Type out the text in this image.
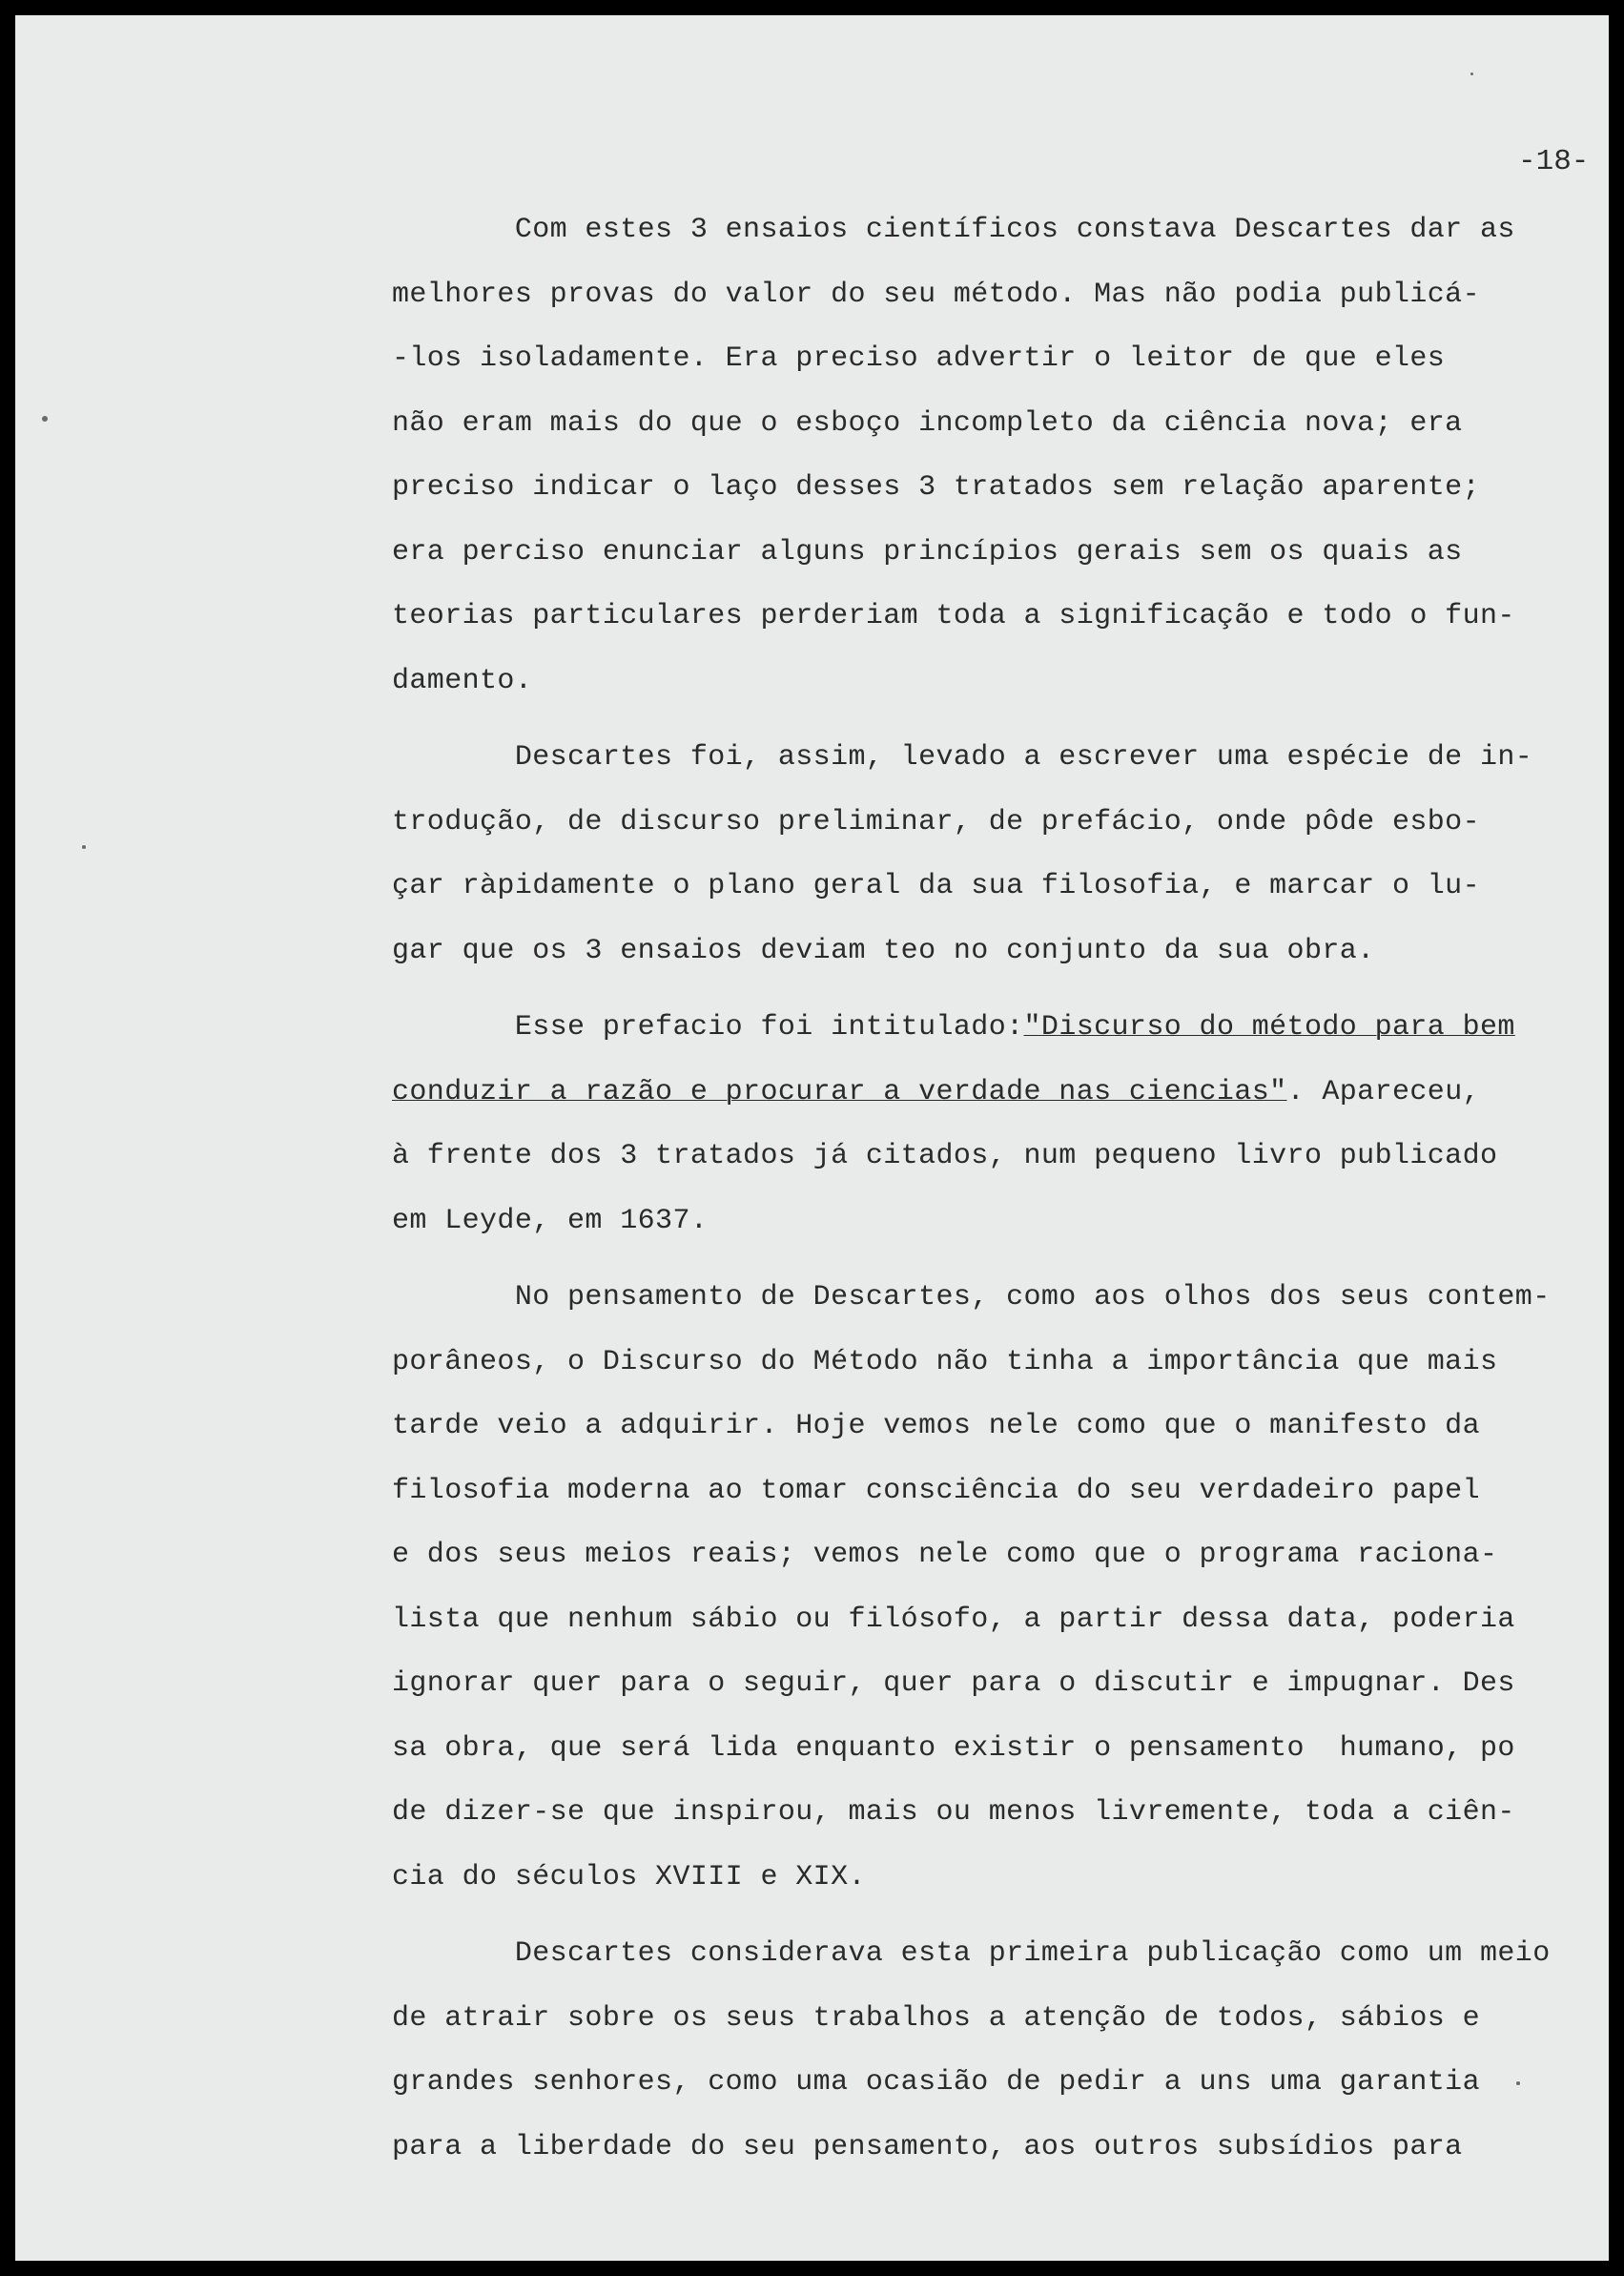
-18-
Com estes 3 ensaios científicos constava Descartes dar as
melhores provas do valor do seu método. Mas não podia publicá-
-los isoladamente. Era preciso advertir o leitor de que eles
não eram mais do que o esboço incompleto da ciência nova; era
preciso indicar o laço desses 3 tratados sem relação aparente;
era perciso enunciar alguns princípios gerais sem os quais as
teorias particulares perderiam toda a significação e todo o fun-
damento.
Descartes foi, assim, levado a escrever uma espécie de in-
trodução, de discurso preliminar, de prefácio, onde pôde esbo-
çar ràpidamente o plano geral da sua filosofia, e marcar o lu-
gar que os 3 ensaios deviam teo no conjunto da sua obra.
Esse prefacio foi intitulado:"Discurso do método para bem
conduzir a razão e procurar a verdade nas ciencias". Apareceu,
à frente dos 3 tratados já citados, num pequeno livro publicado
em Leyde, em 1637.
No pensamento de Descartes, como aos olhos dos seus contem-
porâneos, o Discurso do Método não tinha a importância que mais
tarde veio a adquirir. Hoje vemos nele como que o manifesto da
filosofia moderna ao tomar consciência do seu verdadeiro papel
e dos seus meios reais; vemos nele como que o programa raciona-
lista que nenhum sábio ou filósofo, a partir dessa data, poderia
ignorar quer para o seguir, quer para o discutir e impugnar. Des
sa obra, que será lida enquanto existir o pensamento  humano, po
de dizer-se que inspirou, mais ou menos livremente, toda a ciên-
cia do séculos XVIII e XIX.
Descartes considerava esta primeira publicação como um meio
de atrair sobre os seus trabalhos a atenção de todos, sábios e
grandes senhores, como uma ocasião de pedir a uns uma garantia
para a liberdade do seu pensamento, aos outros subsídios para
